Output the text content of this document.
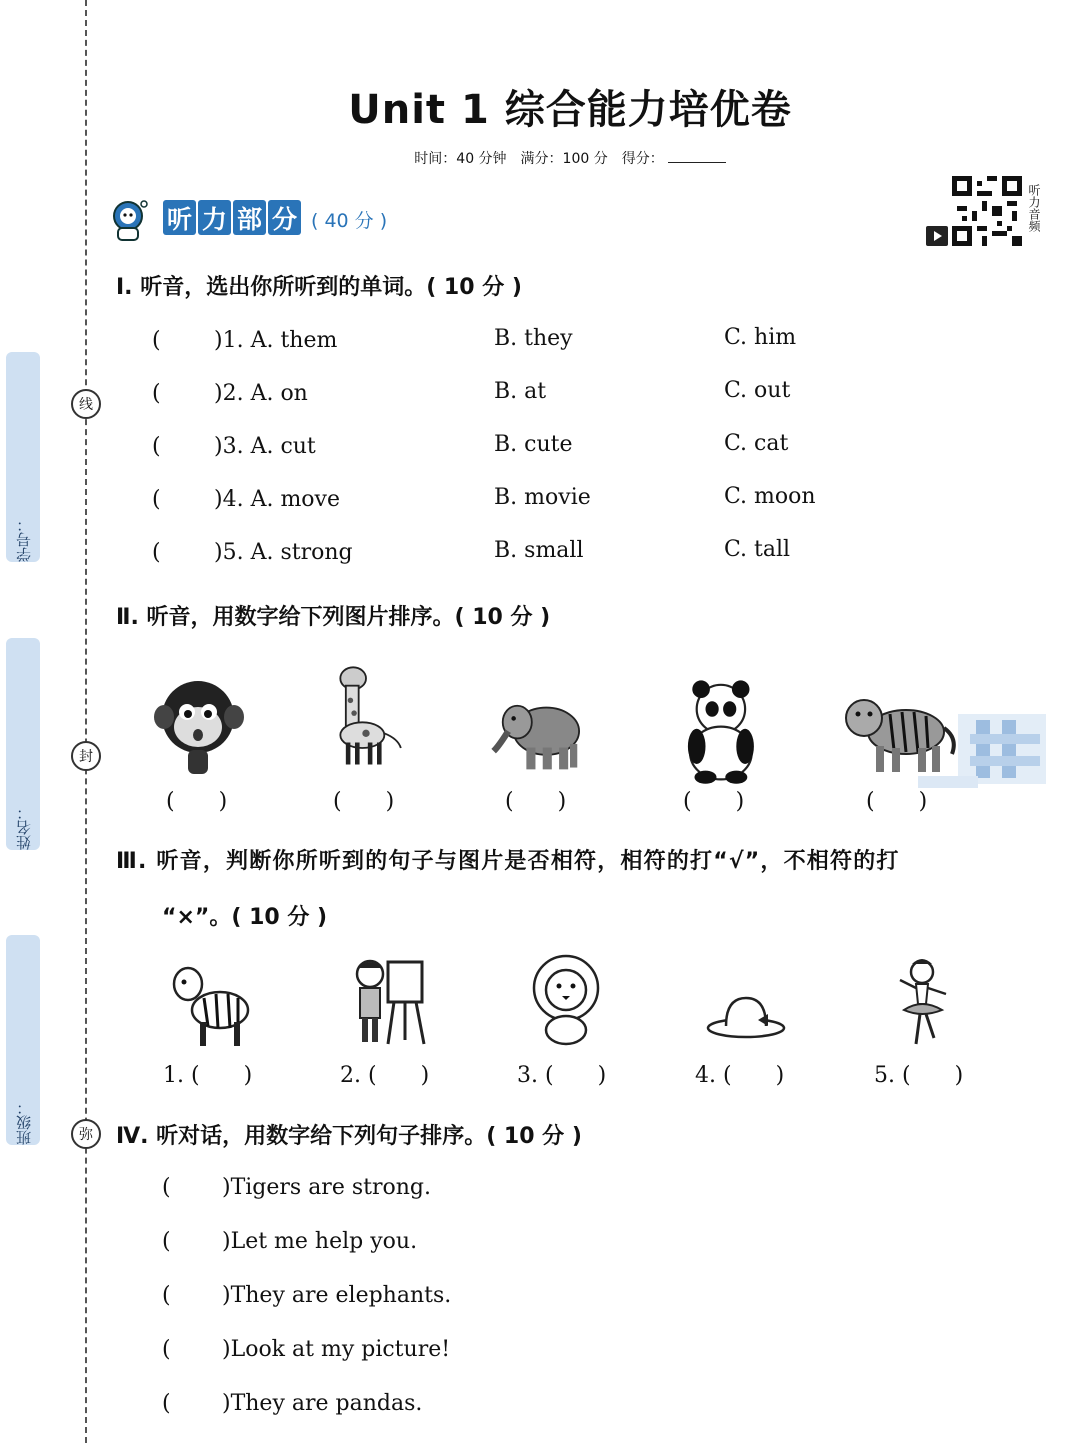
学号：
姓名：
班级：
线
封
弥
Unit 1 综合能力培优卷
时间：40 分钟　满分：100 分　得分：
听力音频
听 力 部 分 ( 40 分 )
Ⅰ. 听音，选出你所听到的单词。( 10 分 )
( )1. A. them	B. they	C. him
( )2. A. on	B. at	C. out
( )3. A. cut	B. cute	C. cat
( )4. A. move	B. movie	C. moon
( )5. A. strong	B. small	C. tall
Ⅱ. 听音，用数字给下列图片排序。( 10 分 )
(　　)	(　　)	(　　)	(　　)	(　　)
Ⅲ. 听音，判断你所听到的句子与图片是否相符，相符的打“√”，不相符的打
“×”。( 10 分 )
1. (　　)	2. (　　)	3. (　　)	4. (　　)	5. (　　)
Ⅳ. 听对话，用数字给下列句子排序。( 10 分 )
( )Tigers are strong.
( )Let me help you.
( )They are elephants.
( )Look at my picture!
( )They are pandas.
